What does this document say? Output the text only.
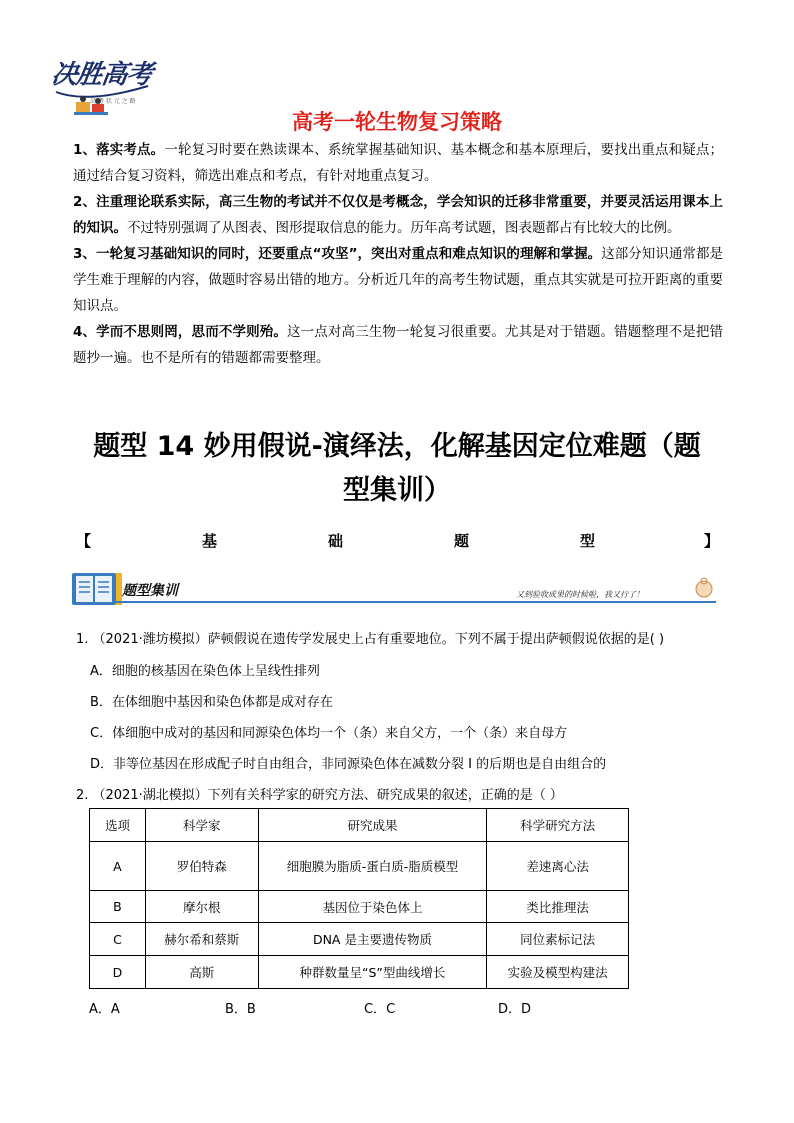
决胜高考
高 考 状 元 之 路
高考一轮生物复习策略

1、落实考点。一轮复习时要在熟读课本、系统掌握基础知识、基本概念和基本原理后，要找出重点和疑点；通过结合复习资料，筛选出难点和考点，有针对地重点复习。

2、注重理论联系实际，高三生物的考试并不仅仅是考概念，学会知识的迁移非常重要，并要灵活运用课本上的知识。不过特别强调了从图表、图形提取信息的能力。历年高考试题，图表题都占有比较大的比例。

3、一轮复习基础知识的同时，还要重点“攻坚”，突出对重点和难点知识的理解和掌握。这部分知识通常都是学生难于理解的内容，做题时容易出错的地方。分析近几年的高考生物试题，重点其实就是可拉开距离的重要知识点。

4、学而不思则罔，思而不学则殆。这一点对高三生物一轮复习很重要。尤其是对于错题。错题整理不是把错题抄一遍。也不是所有的错题都需要整理。

题型 14 妙用假说-演绎法，化解基因定位难题（题
型集训）
【	基	础	题	型	】
题型集训	又到验收成果的时候啦，我又行了！
1. （2021·潍坊模拟）萨顿假说在遗传学发展史上占有重要地位。下列不属于提出萨顿假说依据的是( )
A．细胞的核基因在染色体上呈线性排列
B．在体细胞中基因和染色体都是成对存在
C．体细胞中成对的基因和同源染色体均一个（条）来自父方，一个（条）来自母方
D．非等位基因在形成配子时自由组合，非同源染色体在减数分裂 I 的后期也是自由组合的
2. （2021·湖北模拟）下列有关科学家的研究方法、研究成果的叙述，正确的是（ ）
选项	科学家	研究成果	科学研究方法
A	罗伯特森	细胞膜为脂质-蛋白质-脂质模型	差速离心法
B	摩尔根	基因位于染色体上	类比推理法
C	赫尔希和蔡斯	DNA 是主要遗传物质	同位素标记法
D	高斯	种群数量呈“S”型曲线增长	实验及模型构建法
A．A	B．B	C．C	D．D
